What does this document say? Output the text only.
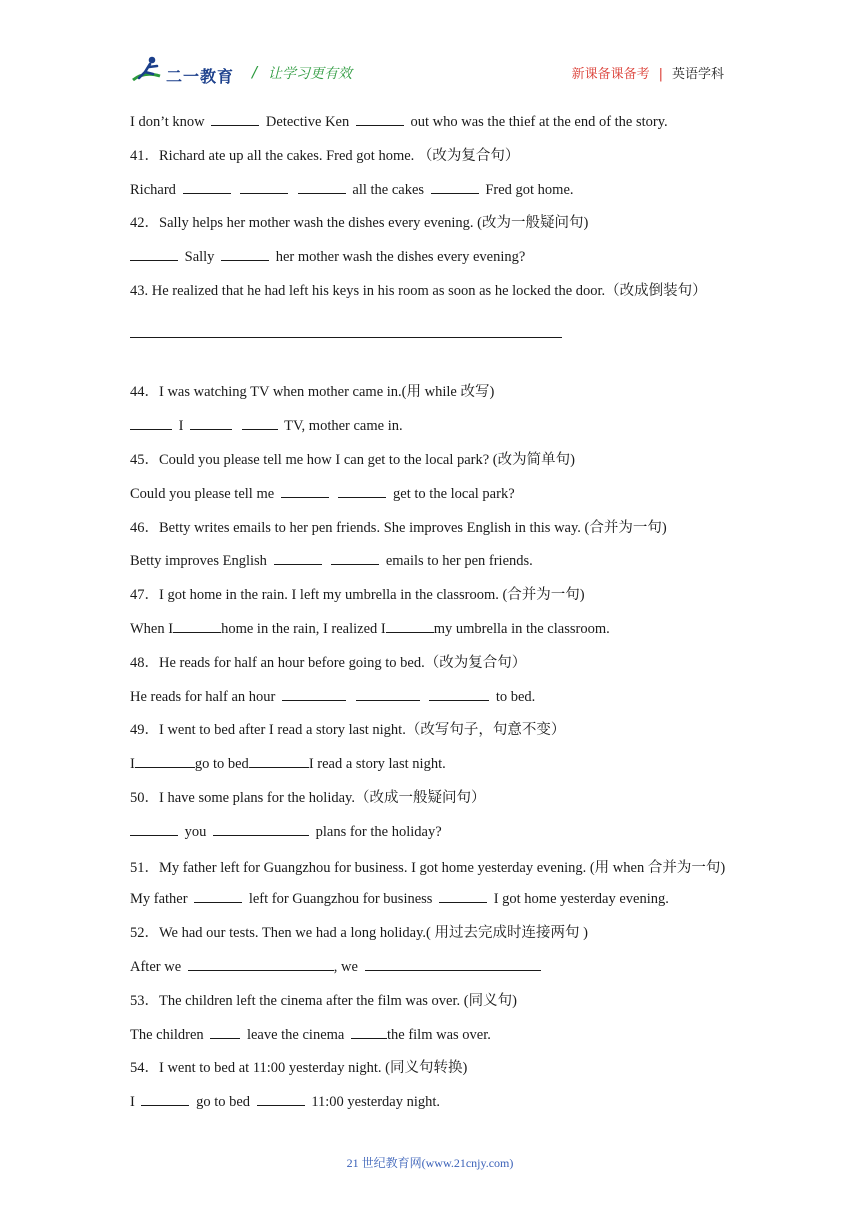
二一教育 / 让学习更有效	新课备课备考 | 英语学科
I don’t know	Detective Ken	out who was the thief at the end of the story.
41．Richard ate up all the cakes. Fred got home. （改为复合句）
Richard	all the cakes	Fred got home.
42．Sally helps her mother wash the dishes every evening. (改为一般疑问句)
Sally	her mother wash the dishes every evening?
43. He realized that he had left his keys in his room as soon as he locked the door.（改成倒装句）
44．I was watching TV when mother came in.(用 while 改写)
I	TV, mother came in.
45．Could you please tell me how I can get to the local park? (改为简单句)
Could you please tell me	get to the local park?
46．Betty writes emails to her pen friends. She improves English in this way. (合并为一句)
Betty improves English	emails to her pen friends.
47．I got home in the rain. I left my umbrella in the classroom. (合并为一句)
When I	home in the rain, I realized I	my umbrella in the classroom.
48．He reads for half an hour before going to bed.（改为复合句）
He reads for half an hour	to bed.
49．I went to bed after I read a story last night.（改写句子，句意不变）
I	go to bed	I read a story last night.
50．I have some plans for the holiday.（改成一般疑问句）
you	plans for the holiday?
51．My father left for Guangzhou for business. I got home yesterday evening. (用 when 合并为一句)
My father	left for Guangzhou for business	I got home yesterday evening.
52．We had our tests. Then we had a long holiday.( 用过去完成时连接两句 )
After we	, we
53．The children left the cinema after the film was over. (同义句)
The children	leave the cinema	the film was over.
54．I went to bed at 11:00 yesterday night. (同义句转换)
I	go to bed	11:00 yesterday night.
21 世纪教育网(www.21cnjy.com)
